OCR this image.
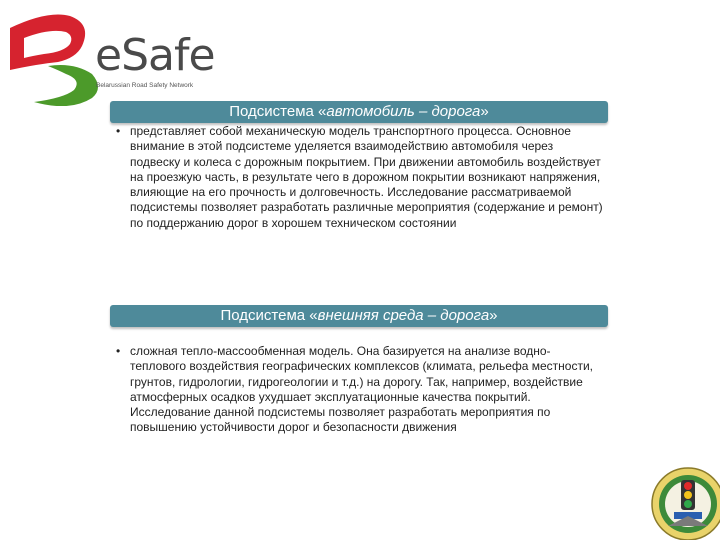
eSafe
Belarussian Road Safety Network
Подсистема «автомобиль – дорога»
• представляет собой механическую модель транспортного процесса. Основное внимание в этой подсистеме уделяется взаимодействию автомобиля через подвеску и колеса с дорожным покрытием. При движении автомобиль воздействует на проезжую часть, в результате чего в дорожном покрытии возникают напряжения, влияющие на его прочность и долговечность. Исследование рассматриваемой подсистемы позволяет разработать различные мероприятия (содержание и ремонт) по поддержанию дорог в хорошем техническом состоянии
Подсистема «внешняя среда – дорога»
• сложная тепло-массообменная модель. Она базируется на анализе водно-теплового воздействия географических комплексов (климата, рельефа местности, грунтов, гидрологии, гидрогеологии и т.д.) на дорогу. Так, например, воздействие атмосферных осадков ухудшает эксплуатационные качества покрытий. Исследование данной подсистемы позволяет разработать мероприятия по повышению устойчивости дорог и безопасности движения
